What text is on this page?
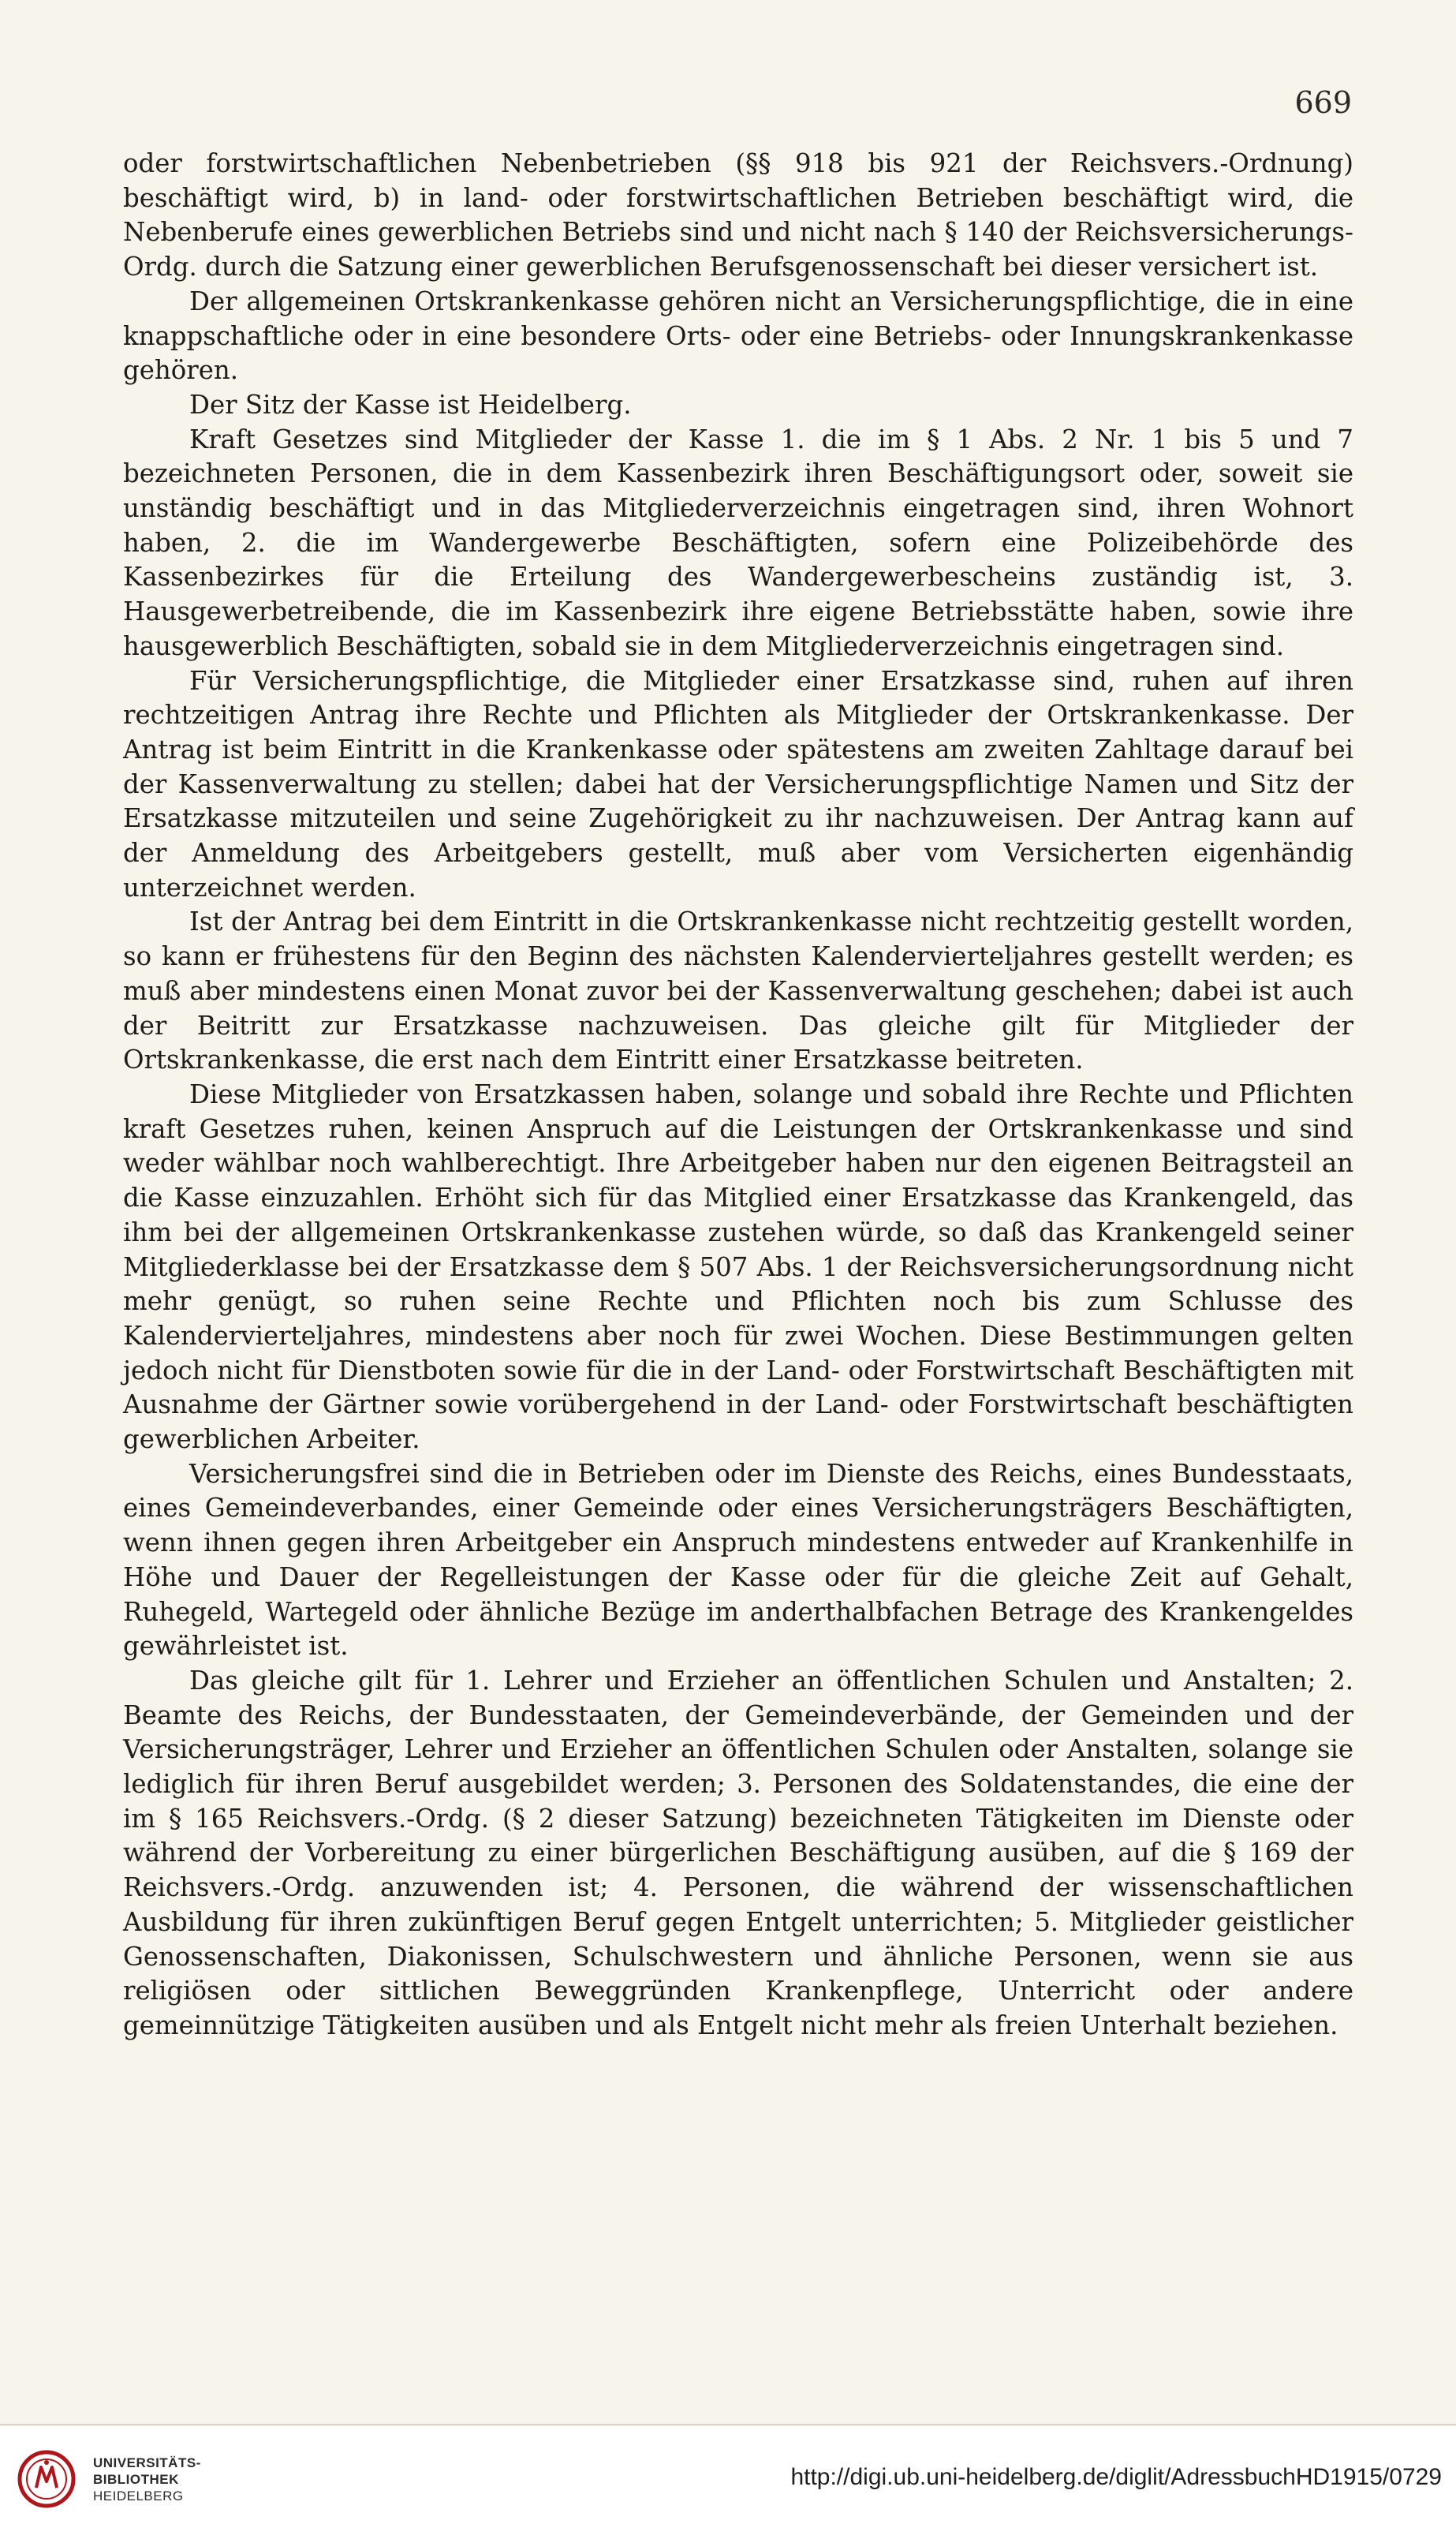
669

oder forstwirtschaftlichen Nebenbetrieben (§§ 918 bis 921 der Reichsvers.-Ordnung) beschäftigt wird, b) in land- oder forstwirtschaftlichen Betrieben beschäftigt wird, die Nebenberufe eines gewerblichen Betriebs sind und nicht nach § 140 der Reichsversicherungs-Ordg. durch die Satzung einer gewerblichen Berufsgenossenschaft bei dieser versichert ist.

Der allgemeinen Ortskrankenkasse gehören nicht an Versicherungspflichtige, die in eine knappschaftliche oder in eine besondere Orts- oder eine Betriebs- oder Innungskrankenkasse gehören.

Der Sitz der Kasse ist Heidelberg.

Kraft Gesetzes sind Mitglieder der Kasse 1. die im § 1 Abs. 2 Nr. 1 bis 5 und 7 bezeichneten Personen, die in dem Kassenbezirk ihren Beschäftigungsort oder, soweit sie unständig beschäftigt und in das Mitgliederverzeichnis eingetragen sind, ihren Wohnort haben, 2. die im Wandergewerbe Beschäftigten, sofern eine Polizeibehörde des Kassenbezirkes für die Erteilung des Wandergewerbescheins zuständig ist, 3. Hausgewerbetreibende, die im Kassenbezirk ihre eigene Betriebsstätte haben, sowie ihre hausgewerblich Beschäftigten, sobald sie in dem Mitgliederverzeichnis eingetragen sind.

Für Versicherungspflichtige, die Mitglieder einer Ersatzkasse sind, ruhen auf ihren rechtzeitigen Antrag ihre Rechte und Pflichten als Mitglieder der Ortskrankenkasse. Der Antrag ist beim Eintritt in die Krankenkasse oder spätestens am zweiten Zahltage darauf bei der Kassenverwaltung zu stellen; dabei hat der Versicherungspflichtige Namen und Sitz der Ersatzkasse mitzuteilen und seine Zugehörigkeit zu ihr nachzuweisen. Der Antrag kann auf der Anmeldung des Arbeitgebers gestellt, muß aber vom Versicherten eigenhändig unterzeichnet werden.

Ist der Antrag bei dem Eintritt in die Ortskrankenkasse nicht rechtzeitig gestellt worden, so kann er frühestens für den Beginn des nächsten Kalendervierteljahres gestellt werden; es muß aber mindestens einen Monat zuvor bei der Kassenverwaltung geschehen; dabei ist auch der Beitritt zur Ersatzkasse nachzuweisen. Das gleiche gilt für Mitglieder der Ortskrankenkasse, die erst nach dem Eintritt einer Ersatzkasse beitreten.

Diese Mitglieder von Ersatzkassen haben, solange und sobald ihre Rechte und Pflichten kraft Gesetzes ruhen, keinen Anspruch auf die Leistungen der Ortskrankenkasse und sind weder wählbar noch wahlberechtigt. Ihre Arbeitgeber haben nur den eigenen Beitragsteil an die Kasse einzuzahlen. Erhöht sich für das Mitglied einer Ersatzkasse das Krankengeld, das ihm bei der allgemeinen Ortskrankenkasse zustehen würde, so daß das Krankengeld seiner Mitgliederklasse bei der Ersatzkasse dem § 507 Abs. 1 der Reichsversicherungsordnung nicht mehr genügt, so ruhen seine Rechte und Pflichten noch bis zum Schlusse des Kalendervierteljahres, mindestens aber noch für zwei Wochen. Diese Bestimmungen gelten jedoch nicht für Dienstboten sowie für die in der Land- oder Forstwirtschaft Beschäftigten mit Ausnahme der Gärtner sowie vorübergehend in der Land- oder Forstwirtschaft beschäftigten gewerblichen Arbeiter.

Versicherungsfrei sind die in Betrieben oder im Dienste des Reichs, eines Bundesstaats, eines Gemeindeverbandes, einer Gemeinde oder eines Versicherungsträgers Beschäftigten, wenn ihnen gegen ihren Arbeitgeber ein Anspruch mindestens entweder auf Krankenhilfe in Höhe und Dauer der Regelleistungen der Kasse oder für die gleiche Zeit auf Gehalt, Ruhegeld, Wartegeld oder ähnliche Bezüge im anderthalbfachen Betrage des Krankengeldes gewährleistet ist.

Das gleiche gilt für 1. Lehrer und Erzieher an öffentlichen Schulen und Anstalten; 2. Beamte des Reichs, der Bundesstaaten, der Gemeindeverbände, der Gemeinden und der Versicherungsträger, Lehrer und Erzieher an öffentlichen Schulen oder Anstalten, solange sie lediglich für ihren Beruf ausgebildet werden; 3. Personen des Soldatenstandes, die eine der im § 165 Reichsvers.-Ordg. (§ 2 dieser Satzung) bezeichneten Tätigkeiten im Dienste oder während der Vorbereitung zu einer bürgerlichen Beschäftigung ausüben, auf die § 169 der Reichsvers.-Ordg. anzuwenden ist; 4. Personen, die während der wissenschaftlichen Ausbildung für ihren zukünftigen Beruf gegen Entgelt unterrichten; 5. Mitglieder geistlicher Genossenschaften, Diakonissen, Schulschwestern und ähnliche Personen, wenn sie aus religiösen oder sittlichen Beweggründen Krankenpflege, Unterricht oder andere gemeinnützige Tätigkeiten ausüben und als Entgelt nicht mehr als freien Unterhalt beziehen.

UNIVERSITÄTS-
BIBLIOTHEK
HEIDELBERG
http://digi.ub.uni-heidelberg.de/diglit/AdressbuchHD1915/0729
